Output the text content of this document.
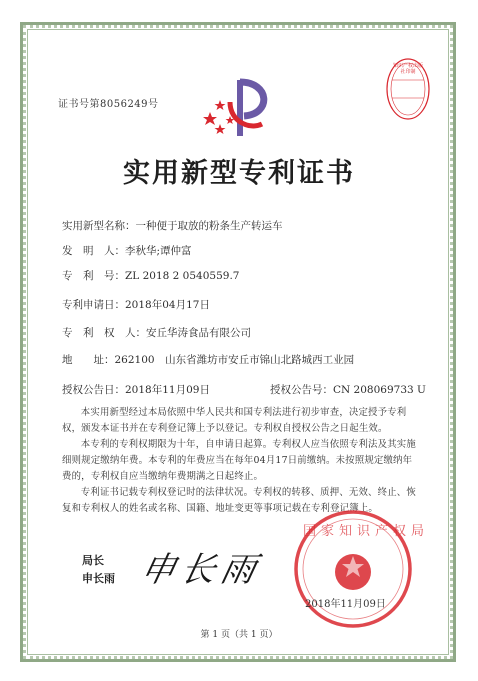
证书号第8056249号
知识产权出版社印制
实用新型专利证书
实用新型名称：一种便于取放的粉条生产转运车
发　明　人：李秋华;谭仲富
专　利　号：ZL 2018 2 0540559.7
专利申请日：2018年04月17日
专　利　权　人：安丘华涛食品有限公司
地　　址：262100　山东省潍坊市安丘市锦山北路城西工业园
授权公告日：2018年11月09日	授权公告号：CN 208069733 U
本实用新型经过本局依照中华人民共和国专利法进行初步审查，决定授予专利权，颁发本证书并在专利登记簿上予以登记。专利权自授权公告之日起生效。
本专利的专利权期限为十年，自申请日起算。专利权人应当依照专利法及其实施细则规定缴纳年费。本专利的年费应当在每年04月17日前缴纳。未按照规定缴纳年费的，专利权自应当缴纳年费期满之日起终止。
专利证书记载专利权登记时的法律状况。专利权的转移、质押、无效、终止、恢复和专利权人的姓名或名称、国籍、地址变更等事项记载在专利登记簿上。
国家知识产权局
2018年11月09日
局长
申长雨 申长雨
第 1 页（共 1 页）
